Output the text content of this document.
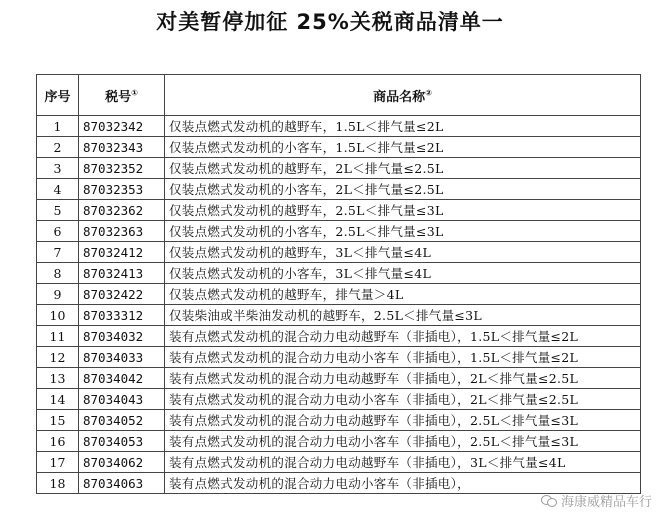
对美暂停加征 25%关税商品清单一
序号	税号①	商品名称②
1	87032342	仅装点燃式发动机的越野车，1.5L＜排气量≤2L
2	87032343	仅装点燃式发动机的小客车，1.5L＜排气量≤2L
3	87032352	仅装点燃式发动机的越野车，2L＜排气量≤2.5L
4	87032353	仅装点燃式发动机的小客车，2L＜排气量≤2.5L
5	87032362	仅装点燃式发动机的越野车，2.5L＜排气量≤3L
6	87032363	仅装点燃式发动机的小客车，2.5L＜排气量≤3L
7	87032412	仅装点燃式发动机的越野车，3L＜排气量≤4L
8	87032413	仅装点燃式发动机的小客车，3L＜排气量≤4L
9	87032422	仅装点燃式发动机的越野车，排气量＞4L
10	87033312	仅装柴油或半柴油发动机的越野车，2.5L＜排气量≤3L
11	87034032	装有点燃式发动机的混合动力电动越野车（非插电），1.5L＜排气量≤2L
12	87034033	装有点燃式发动机的混合动力电动小客车（非插电），1.5L＜排气量≤2L
13	87034042	装有点燃式发动机的混合动力电动越野车（非插电），2L＜排气量≤2.5L
14	87034043	装有点燃式发动机的混合动力电动小客车（非插电），2L＜排气量≤2.5L
15	87034052	装有点燃式发动机的混合动力电动越野车（非插电），2.5L＜排气量≤3L
16	87034053	装有点燃式发动机的混合动力电动小客车（非插电），2.5L＜排气量≤3L
17	87034062	装有点燃式发动机的混合动力电动越野车（非插电），3L＜排气量≤4L
18	87034063	装有点燃式发动机的混合动力电动小客车（非插电），
海康威精品车行
